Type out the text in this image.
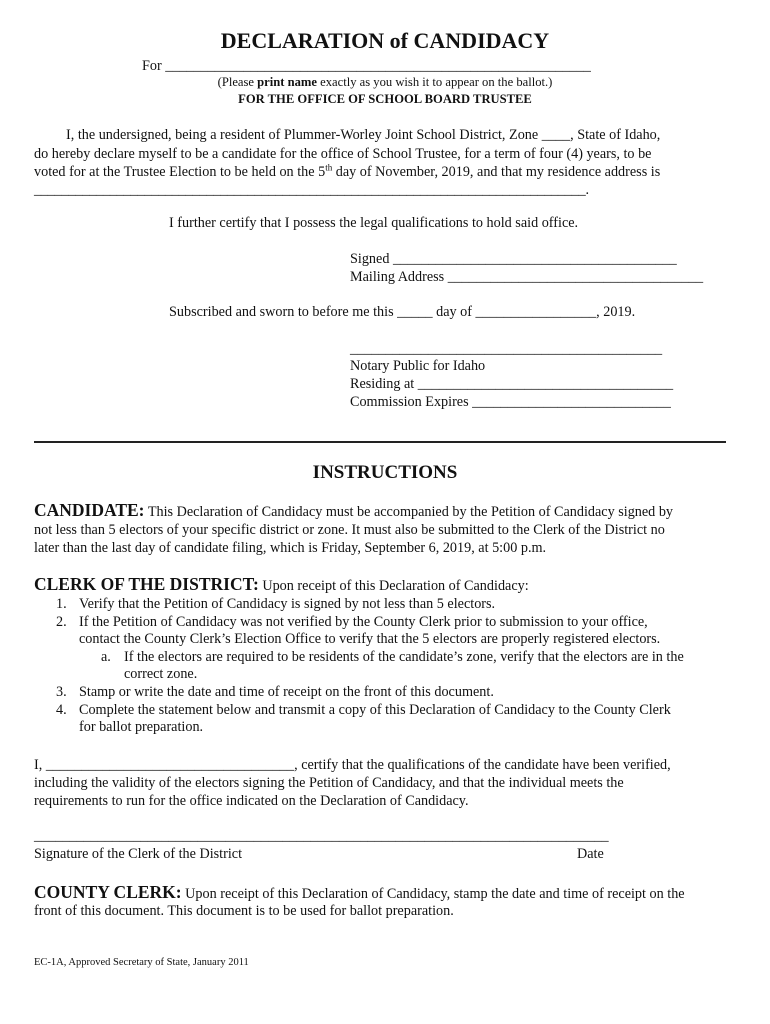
DECLARATION of CANDIDACY
For ____________________________________________________________
(Please print name exactly as you wish it to appear on the ballot.)
FOR THE OFFICE OF SCHOOL BOARD TRUSTEE
I, the undersigned, being a resident of Plummer-Worley Joint School District, Zone ____, State of Idaho,
do hereby declare myself to be a candidate for the office of School Trustee, for a term of four (4) years, to be
voted for at the Trustee Election to be held on the 5th day of November, 2019, and that my residence address is
________________________________________________________________________________.
I further certify that I possess the legal qualifications to hold said office.
Signed ________________________________________
Mailing Address ____________________________________
Subscribed and sworn to before me this _____ day of _________________, 2019.
____________________________________________
Notary Public for Idaho
Residing at ____________________________________
Commission Expires ____________________________
INSTRUCTIONS
CANDIDATE: This Declaration of Candidacy must be accompanied by the Petition of Candidacy signed by
not less than 5 electors of your specific district or zone. It must also be submitted to the Clerk of the District no
later than the last day of candidate filing, which is Friday, September 6, 2019, at 5:00 p.m.
CLERK OF THE DISTRICT: Upon receipt of this Declaration of Candidacy:
1. Verify that the Petition of Candidacy is signed by not less than 5 electors.
2. If the Petition of Candidacy was not verified by the County Clerk prior to submission to your office,
contact the County Clerk’s Election Office to verify that the 5 electors are properly registered electors.
a. If the electors are required to be residents of the candidate’s zone, verify that the electors are in the
correct zone.
3. Stamp or write the date and time of receipt on the front of this document.
4. Complete the statement below and transmit a copy of this Declaration of Candidacy to the County Clerk
for ballot preparation.
I, ___________________________________, certify that the qualifications of the candidate have been verified,
including the validity of the electors signing the Petition of Candidacy, and that the individual meets the
requirements to run for the office indicated on the Declaration of Candidacy.
_________________________________________________________________________________
Signature of the Clerk of the District	Date
COUNTY CLERK: Upon receipt of this Declaration of Candidacy, stamp the date and time of receipt on the
front of this document. This document is to be used for ballot preparation.
EC-1A, Approved Secretary of State, January 2011
